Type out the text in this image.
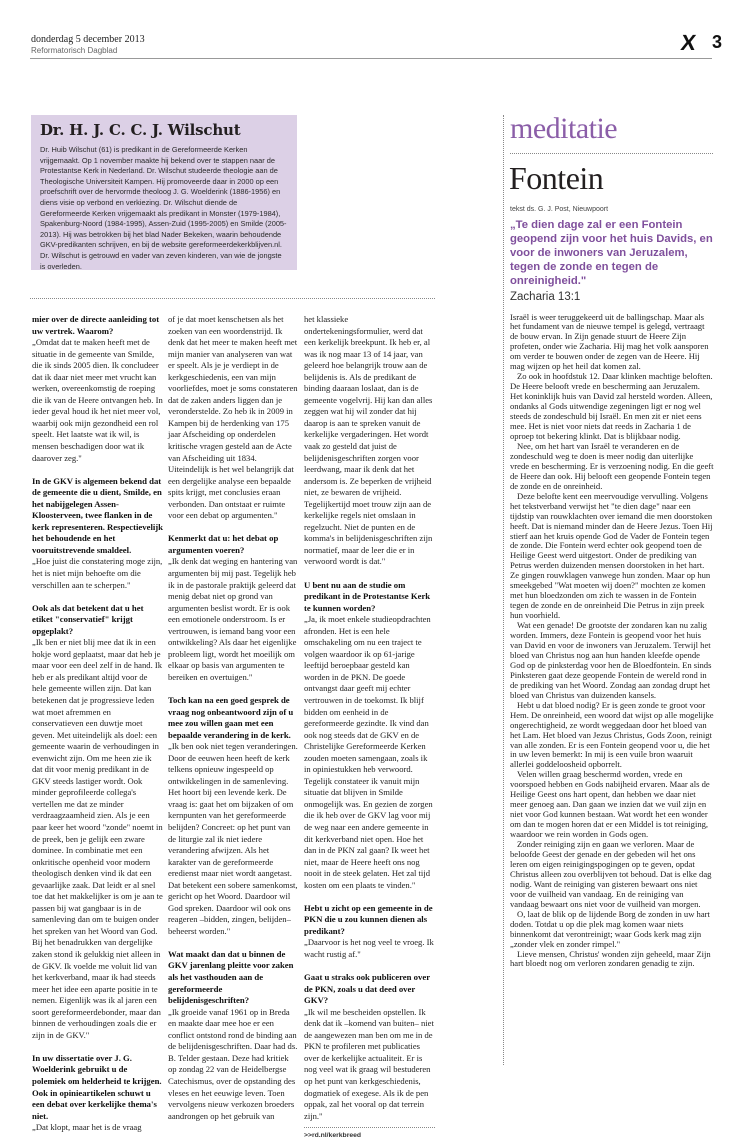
donderdag 5 december 2013
Reformatorisch Dagblad	X 3
Dr. H. J. C. C. J. Wilschut

Dr. Huib Wilschut (61) is predikant in de Gereformeerde Kerken vrijgemaakt. Op 1 november maakte hij bekend over te stappen naar de Protestantse Kerk in Nederland. Dr. Wilschut studeerde theologie aan de Theologische Universiteit Kampen. Hij promoveerde daar in 2000 op een proefschrift over de hervormde theoloog J. G. Woelderink (1886-1956) en diens visie op verbond en verkiezing. Dr. Wilschut diende de Gereformeerde Kerken vrijgemaakt als predikant in Monster (1979-1984), Spakenburg-Noord (1984-1995), Assen-Zuid (1995-2005) en Smilde (2005-2013). Hij was betrokken bij het blad Nader Bekeken, waarin behoudende GKV-predikanten schrijven, en bij de website gereformeerdekerkblijven.nl. Dr. Wilschut is getrouwd en vader van zeven kinderen, van wie de jongste is overleden.

mier over de directe aanleiding tot uw vertrek. Waarom?

„Omdat dat te maken heeft met de situatie in de gemeente van Smilde, die ik sinds 2005 dien. Ik concludeer dat ik daar niet meer met vrucht kan werken, overeenkomstig de roeping die ik van de Heere ontvangen heb. In ieder geval houd ik het niet meer vol, waarbij ook mijn gezondheid een rol speelt. Het laatste wat ik wil, is mensen beschadigen door wat ik daarover zeg."

In de GKV is algemeen bekend dat de gemeente die u dient, Smilde, en het nabijgelegen Assen-Kloosterveen, twee flanken in de kerk representeren. Respectievelijk het behoudende en het vooruitstrevende smaldeel.

„Hoe juist die constatering moge zijn, het is niet mijn behoefte om die verschillen aan te scherpen."

Ook als dat betekent dat u het etiket "conservatief" krijgt opgeplakt?

„Ik ben er niet blij mee dat ik in een hokje word geplaatst, maar dat heb je maar voor een deel zelf in de hand. Ik heb er als predikant altijd voor de hele gemeente willen zijn. Dat kan betekenen dat je progressieve leden wat moet afremmen en conservatieven een duwtje moet geven. Met uiteindelijk als doel: een gemeente waarin de verhoudingen in evenwicht zijn. Om me heen zie ik dat dit voor menig predikant in de GKV steeds lastiger wordt. Ook minder geprofileerde collega's vertellen me dat ze minder verdraagzaamheid zien. Als je een paar keer het woord "zonde" noemt in de preek, ben je gelijk een zware dominee. In combinatie met een onkritische openheid voor modern theologisch denken vind ik dat een gevaarlijke zaak. Dat leidt er al snel toe dat het makkelijker is om je aan te passen bij wat gangbaar is in de samenleving dan om te buigen onder het spreken van het Woord van God. Bij het benadrukken van dergelijke zaken stond ik gelukkig niet alleen in de GKV. Ik voelde me voluit lid van het kerkverband, maar ik had steeds meer het idee een aparte positie in te nemen. Eigenlijk was ik al jaren een soort gereformeerdebonder, maar dan binnen de verhoudingen zoals die er zijn in de GKV."

In uw dissertatie over J. G. Woelderink gebruikt u de polemiek om helderheid te krijgen. Ook in opinieartikelen schuwt u een debat over kerkelijke thema's niet.

„Dat klopt, maar het is de vraag

of je dat moet kenschetsen als het zoeken van een woordenstrijd. Ik denk dat het meer te maken heeft met mijn manier van analyseren van wat er speelt. Als je je verdiept in de kerkgeschiedenis, een van mijn voorliefdes, moet je soms constateren dat de zaken anders liggen dan je veronderstelde. Zo heb ik in 2009 in Kampen bij de herdenking van 175 jaar Afscheiding op onderdelen kritische vragen gesteld aan de Acte van Afscheiding uit 1834. Uiteindelijk is het wel belangrijk dat een dergelijke analyse een bepaalde spits krijgt, met conclusies eraan verbonden. Dan ontstaat er ruimte voor een debat op argumenten."

Kenmerkt dat u: het debat op argumenten voeren?

„Ik denk dat weging en hantering van argumenten bij mij past. Tegelijk heb ik in de pastorale praktijk geleerd dat menig debat niet op grond van argumenten beslist wordt. Er is ook een emotionele onderstroom. Is er vertrouwen, is iemand bang voor een ontwikkeling? Als daar het eigenlijke probleem ligt, wordt het moeilijk om elkaar op basis van argumenten te bereiken en overtuigen."

Toch kan na een goed gesprek de vraag nog onbeantwoord zijn of u mee zou willen gaan met een bepaalde verandering in de kerk.

„Ik ben ook niet tegen veranderingen. Door de eeuwen heen heeft de kerk telkens opnieuw ingespeeld op ontwikkelingen in de samenleving. Het hoort bij een levende kerk. De vraag is: gaat het om bijzaken of om kernpunten van het gereformeerde belijden? Concreet: op het punt van de liturgie zal ik niet iedere verandering afwijzen. Als het karakter van de gereformeerde eredienst maar niet wordt aangetast. Dat betekent een sobere samenkomst, gericht op het Woord. Daardoor wil God spreken. Daardoor wil ook ons reageren –bidden, zingen, belijden– beheerst worden."

Wat maakt dan dat u binnen de GKV jarenlang pleitte voor zaken als het vasthouden aan de gereformeerde belijdenisgeschriften?

„Ik groeide vanaf 1961 op in Breda en maakte daar mee hoe er een conflict ontstond rond de binding aan de belijdenisgeschriften. Daar had ds. B. Telder gestaan. Deze had kritiek op zondag 22 van de Heidelbergse Catechismus, over de opstanding des vleses en het eeuwige leven. Toen vervolgens nieuw verkozen broeders aandrongen op het gebruik van

het klassieke ondertekeningsformulier, werd dat een kerkelijk breekpunt. Ik heb er, al was ik nog maar 13 of 14 jaar, van geleerd hoe belangrijk trouw aan de belijdenis is. Als de predikant de binding daaraan loslaat, dan is de gemeente vogelvrij. Hij kan dan alles zeggen wat hij wil zonder dat hij daarop is aan te spreken vanuit de kerkelijke vergaderingen. Het wordt vaak zo gesteld dat juist de belijdenisgeschriften zorgen voor leerdwang, maar ik denk dat het andersom is. Ze beperken de vrijheid niet, ze bewaren de vrijheid. Tegelijkertijd moet trouw zijn aan de kerkelijke regels niet omslaan in regelzucht. Niet de punten en de komma's in belijdenisgeschriften zijn normatief, maar de leer die er in verwoord wordt is dat."

U bent nu aan de studie om predikant in de Protestantse Kerk te kunnen worden?

„Ja, ik moet enkele studieopdrachten afronden. Het is een hele omschakeling om nu een traject te volgen waardoor ik op 61-jarige leeftijd beroepbaar gesteld kan worden in de PKN. De goede ontvangst daar geeft mij echter vertrouwen in de toekomst. Ik blijf bidden om eenheid in de gereformeerde gezindte. Ik vind dan ook nog steeds dat de GKV en de Christelijke Gereformeerde Kerken zouden moeten samengaan, zoals ik in opiniestukken heb verwoord. Tegelijk constateer ik vanuit mijn situatie dat blijven in Smilde onmogelijk was. En gezien de zorgen die ik heb over de GKV lag voor mij de weg naar een andere gemeente in dit kerkverband niet open. Hoe het dan in de PKN zal gaan? Ik weet het niet, maar de Heere heeft ons nog nooit in de steek gelaten. Het zal tijd kosten om een plaats te vinden."

Hebt u zicht op een gemeente in de PKN die u zou kunnen dienen als predikant?

„Daarvoor is het nog veel te vroeg. Ik wacht rustig af."

Gaat u straks ook publiceren over de PKN, zoals u dat deed over GKV?

„Ik wil me bescheiden opstellen. Ik denk dat ik –komend van buiten– niet de aangewezen man ben om me in de PKN te profileren met publicaties over de kerkelijke actualiteit. Er is nog veel wat ik graag wil bestuderen op het punt van kerkgeschiedenis, dogmatiek of exegese. Als ik de pen oppak, zal het vooral op dat terrein zijn."

>>rd.nl/kerkbreed
meditatie
Fontein
tekst ds. G. J. Post, Nieuwpoort
„Te dien dage zal er een Fontein geopend zijn voor het huis Davids, en voor de inwoners van Jeruzalem, tegen de zonde en tegen de onreinigheid."
Zacharia 13:1

Israël is weer teruggekeerd uit de ballingschap. Maar als het fundament van de nieuwe tempel is gelegd, vertraagt de bouw ervan. In Zijn genade stuurt de Heere Zijn profeten, onder wie Zacharia. Hij mag het volk aansporen om verder te bouwen onder de zegen van de Heere. Hij mag wijzen op het heil dat komen zal.

Zo ook in hoofdstuk 12. Daar klinken machtige beloften. De Heere belooft vrede en bescherming aan Jeruzalem. Het koninklijk huis van David zal hersteld worden. Alleen, ondanks al Gods uitwendige zegeningen ligt er nog wel steeds de zondeschuld bij Israël. En men zit er niet eens mee. Het is niet voor niets dat reeds in Zacharia 1 de oproep tot bekering klinkt. Dat is blijkbaar nodig.

Nee, om het hart van Israël te veranderen en de zondeschuld weg te doen is meer nodig dan uiterlijke vrede en bescherming. Er is verzoening nodig. En die geeft de Heere dan ook. Hij belooft een geopende Fontein tegen de zonde en de onreinheid.

Deze belofte kent een meervoudige vervulling. Volgens het tekstverband verwijst het "te dien dage" naar een tijdstip van rouwklachten over iemand die men doorstoken heeft. Dat is niemand minder dan de Heere Jezus. Toen Hij stierf aan het kruis opende God de Vader de Fontein tegen de zonde. Die Fontein werd echter ook geopend toen de Heilige Geest werd uitgestort. Onder de prediking van Petrus werden duizenden mensen doorstoken in het hart. Ze gingen rouwklagen vanwege hun zonden. Maar op hun smeekgebed "Wat moeten wij doen?" mochten ze komen met hun bloedzonden om zich te wassen in de Fontein tegen de zonde en de onreinheid Die Petrus in zijn preek hun voorhield.

Wat een genade! De grootste der zondaren kan nu zalig worden. Immers, deze Fontein is geopend voor het huis van David en voor de inwoners van Jeruzalem. Terwijl het bloed van Christus nog aan hun handen kleefde opende God op de pinksterdag voor hen de Bloedfontein. En sinds Pinksteren gaat deze geopende Fontein de wereld rond in de prediking van het Woord. Zondag aan zondag drupt het bloed van Christus van duizenden kansels.

Hebt u dat bloed nodig? Er is geen zonde te groot voor Hem. De onreinheid, een woord dat wijst op alle mogelijke ongerechtigheid, ze wordt weggedaan door het bloed van het Lam. Het bloed van Jezus Christus, Gods Zoon, reinigt van alle zonden. Er is een Fontein geopend voor u, die het in uw leven bemerkt: In mij is een vuile bron waaruit allerlei goddeloosheid opborrelt.

Velen willen graag beschermd worden, vrede en voorspoed hebben en Gods nabijheid ervaren. Maar als de Heilige Geest ons hart opent, dan hebben we daar niet meer genoeg aan. Dan gaan we inzien dat we vuil zijn en niet voor God kunnen bestaan. Wat wordt het een wonder om dan te mogen horen dat er een Middel is tot reiniging, waardoor we rein worden in Gods ogen.

Zonder reiniging zijn en gaan we verloren. Maar de beloofde Geest der genade en der gebeden wil het ons leren om eigen reinigingspogingen op te geven, opdat Christus alleen zou overblijven tot behoud. Dat is elke dag nodig. Want de reiniging van gisteren bewaart ons niet voor de vuilheid van vandaag. En de reiniging van vandaag bewaart ons niet voor de vuilheid van morgen.

O, laat de blik op de lijdende Borg de zonden in uw hart doden. Totdat u op die plek mag komen waar niets binnenkomt dat verontreinigt; waar Gods kerk mag zijn „zonder vlek en zonder rimpel."

Lieve mensen, Christus' wonden zijn geheeld, maar Zijn hart bloedt nog om verloren zondaren genadig te zijn.
